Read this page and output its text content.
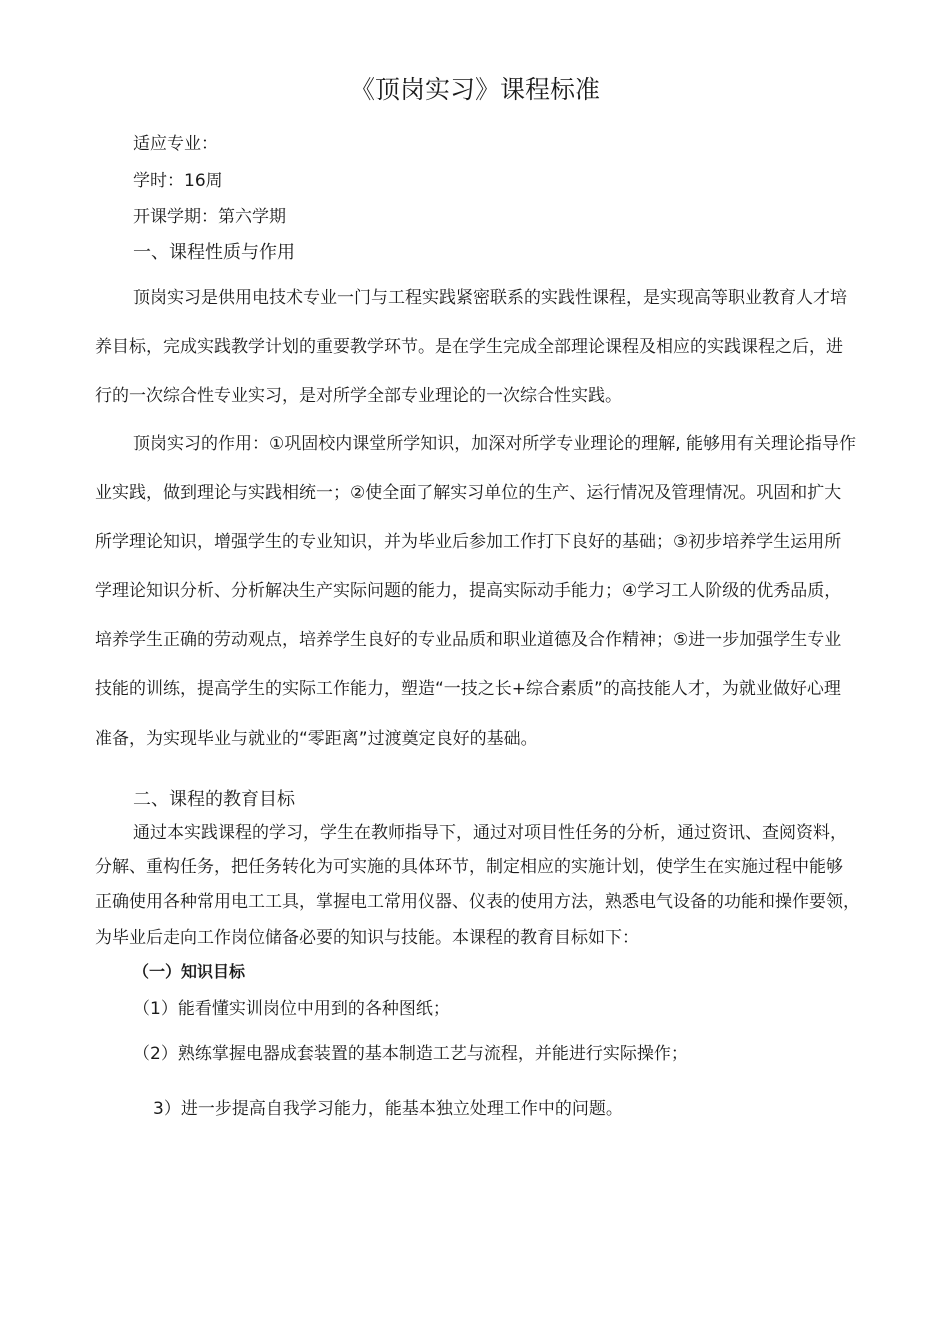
《顶岗实习》课程标准

适应专业：

学时：16周

开课学期：第六学期

一、课程性质与作用

顶岗实习是供用电技术专业一门与工程实践紧密联系的实践性课程，是实现高等职业教育人才培

养目标，完成实践教学计划的重要教学环节。是在学生完成全部理论课程及相应的实践课程之后，进

行的一次综合性专业实习，是对所学全部专业理论的一次综合性实践。

顶岗实习的作用：①巩固校内课堂所学知识，加深对所学专业理论的理解, 能够用有关理论指导作

业实践，做到理论与实践相统一；②使全面了解实习单位的生产、运行情况及管理情况。巩固和扩大

所学理论知识，增强学生的专业知识，并为毕业后参加工作打下良好的基础；③初步培养学生运用所

学理论知识分析、分析解决生产实际问题的能力，提高实际动手能力；④学习工人阶级的优秀品质，

培养学生正确的劳动观点，培养学生良好的专业品质和职业道德及合作精神；⑤进一步加强学生专业

技能的训练，提高学生的实际工作能力，塑造“一技之长+综合素质”的高技能人才，为就业做好心理

准备，为实现毕业与就业的“零距离”过渡奠定良好的基础。

二、课程的教育目标

通过本实践课程的学习，学生在教师指导下，通过对项目性任务的分析，通过资讯、查阅资料，

分解、重构任务，把任务转化为可实施的具体环节，制定相应的实施计划，使学生在实施过程中能够

正确使用各种常用电工工具，掌握电工常用仪器、仪表的使用方法，熟悉电气设备的功能和操作要领，

为毕业后走向工作岗位储备必要的知识与技能。本课程的教育目标如下：

（一）知识目标

（1）能看懂实训岗位中用到的各种图纸；

（2）熟练掌握电器成套装置的基本制造工艺与流程，并能进行实际操作；

3）进一步提高自我学习能力，能基本独立处理工作中的问题。
